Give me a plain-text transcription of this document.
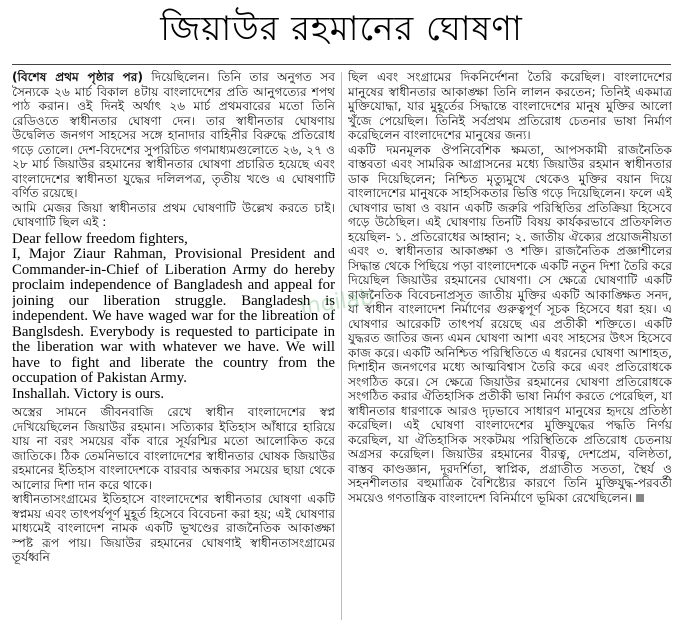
জিয়াউর রহমানের ঘোষণা

(বিশেষ প্রথম পৃষ্ঠার পর) দিয়েছিলেন। তিনি তার অনুগত সব সৈন্যকে ২৬ মার্চ বিকাল ৪টায় বাংলাদেশের প্রতি আনুগত্যের শপথ পাঠ করান। ওই দিনই অর্থাৎ ২৬ মার্চ প্রথমবারের মতো তিনি রেডিওতে স্বাধীনতার ঘোষণা দেন। তার স্বাধীনতার ঘোষণায় উদ্বেলিত জনগণ সাহসের সঙ্গে হানাদার বাহিনীর বিরুদ্ধে প্রতিরোধ গড়ে তোলে। দেশ-বিদেশের সুপরিচিত গণমাধ্যমগুলোতে ২৬, ২৭ ও ২৮ মার্চ জিয়াউর রহমানের স্বাধীনতার ঘোষণা প্রচারিত হয়েছে এবং বাংলাদেশের স্বাধীনতা যুদ্ধের দলিলপত্র, তৃতীয় খণ্ডে এ ঘোষণাটি বর্ণিত রয়েছে।

আমি মেজর জিয়া স্বাধীনতার প্রথম ঘোষণাটি উল্লেখ করতে চাই। ঘোষণাটি ছিল এই :

Dear fellow freedom fighters,

I, Major Ziaur Rahman, Provisional President and Commander-in-Chief of Liberation Army do hereby proclaim independence of Bangladesh and appeal for joining our liberation struggle. Bangladesh is independent. We have waged war for the libreation of Banglsdesh. Everybody is requested to participate in the liberation war with whatever we have. We will have to fight and liberate the country from the occupation of Pakistan Army.

Inshallah. Victory is ours.

অস্ত্রের সামনে জীবনবাজি রেখে স্বাধীন বাংলাদেশের স্বপ্ন দেখিয়েছিলেন জিয়াউর রহমান। সত্যিকার ইতিহাস আঁধারে হারিয়ে যায় না বরং সময়ের বাঁক বারে সূর্যরশ্মির মতো আলোকিত করে জাতিকে। ঠিক তেমনিভাবে বাংলাদেশের স্বাধীনতার ঘোষক জিয়াউর রহমানের ইতিহাস বাংলাদেশকে বারবার অন্ধকার সময়ের ছায়া থেকে আলোর দিশা দান করে থাকে।

স্বাধীনতাসংগ্রামের ইতিহাসে বাংলাদেশের স্বাধীনতার ঘোষণা একটি স্বপ্নময় এবং তাৎপর্যপূর্ণ মুহূর্ত হিসেবে বিবেচনা করা হয়; এই ঘোষণার মাধ্যমেই বাংলাদেশ নামক একটি ভূখণ্ডের রাজনৈতিক আকাঙ্ক্ষা স্পষ্ট রূপ পায়। জিয়াউর রহমানের ঘোষণাই স্বাধীনতাসংগ্রামের তূর্যধ্বনি

ছিল এবং সংগ্রামের দিকনির্দেশনা তৈরি করেছিল। বাংলাদেশের মানুষের স্বাধীনতার আকাঙ্ক্ষা তিনি লালন করতেন; তিনিই একমাত্র মুক্তিযোদ্ধা, যার মুহূর্তের সিদ্ধান্তে বাংলাদেশের মানুষ মুক্তির আলো খুঁজে পেয়েছিল। তিনিই সর্বপ্রথম প্রতিরোধ চেতনার ভাষা নির্মাণ করেছিলেন বাংলাদেশের মানুষের জন্য।

একটি দমনমূলক ঔপনিবেশিক ক্ষমতা, আপসকামী রাজনৈতিক বাস্তবতা এবং সামরিক আগ্রাসনের মধ্যে জিয়াউর রহমান স্বাধীনতার ডাক দিয়েছিলেন; নিশ্চিত মৃত্যুমুখে থেকেও মুক্তির বয়ান দিয়ে বাংলাদেশের মানুষকে সাহসিকতার ভিত্তি গড়ে দিয়েছিলেন। ফলে এই ঘোষণার ভাষা ও বয়ান একটি জরুরি পরিস্থিতির প্রতিক্রিয়া হিসেবে গড়ে উঠেছিল। এই ঘোষণায় তিনটি বিষয় কার্যকরভাবে প্রতিফলিত হয়েছিল- ১. প্রতিরোধের আহ্বান; ২. জাতীয় ঐক্যের প্রয়োজনীয়তা এবং ৩. স্বাধীনতার আকাঙ্ক্ষা ও শক্তি। রাজনৈতিক প্রজ্ঞাশীলের সিদ্ধান্ত থেকে পিছিয়ে পড়া বাংলাদেশকে একটি নতুন দিশা তৈরি করে দিয়েছিল জিয়াউর রহমানের ঘোষণা। সে ক্ষেত্রে ঘোষণাটি একটি রাজনৈতিক বিবেচনাপ্রসূত জাতীয় মুক্তির একটি আকাঙ্ক্ষিত সনদ, যা স্বাধীন বাংলাদেশ নির্মাণের গুরুত্বপূর্ণ সূচক হিসেবে ধরা হয়। এ ঘোষণার আরেকটি তাৎপর্য রয়েছে এর প্রতীকী শক্তিতে। একটি যুদ্ধরত জাতির জন্য এমন ঘোষণা আশা এবং সাহসের উৎস হিসেবে কাজ করে। একটি অনিশ্চিত পরিস্থিতিতে এ ধরনের ঘোষণা আশাহত, দিশাহীন জনগণের মধ্যে আত্মবিশ্বাস তৈরি করে এবং প্রতিরোধকে সংগঠিত করে। সে ক্ষেত্রে জিয়াউর রহমানের ঘোষণা প্রতিরোধকে সংগঠিত করার ঐতিহাসিক প্রতীকী ভাষা নির্মাণ করতে পেরেছিল, যা স্বাধীনতার ধারণাকে আরও দৃঢ়ভাবে সাধারণ মানুষের হৃদয়ে প্রতিষ্ঠা করেছিল। এই ঘোষণা বাংলাদেশের মুক্তিযুদ্ধের পদ্ধতি নির্ণয় করেছিল, যা ঐতিহাসিক সংকটময় পরিস্থিতিকে প্রতিরোধ চেতনায় অগ্রসর করেছিল। জিয়াউর রহমানের বীরত্ব, দেশপ্রেম, বলিষ্ঠতা, বাস্তব কাণ্ডজ্ঞান, দূরদর্শিতা, স্বাপ্নিক, প্রগ্রাতীত সততা, স্থৈর্য ও সহনশীলতার বহুমাত্রিক বৈশিষ্ট্যের কারণে তিনি মুক্তিযুদ্ধ-পরবর্তী সময়েও গণতান্ত্রিক বাংলাদেশ বিনির্মাণে ভূমিকা রেখেছিলেন।

Inqilab
